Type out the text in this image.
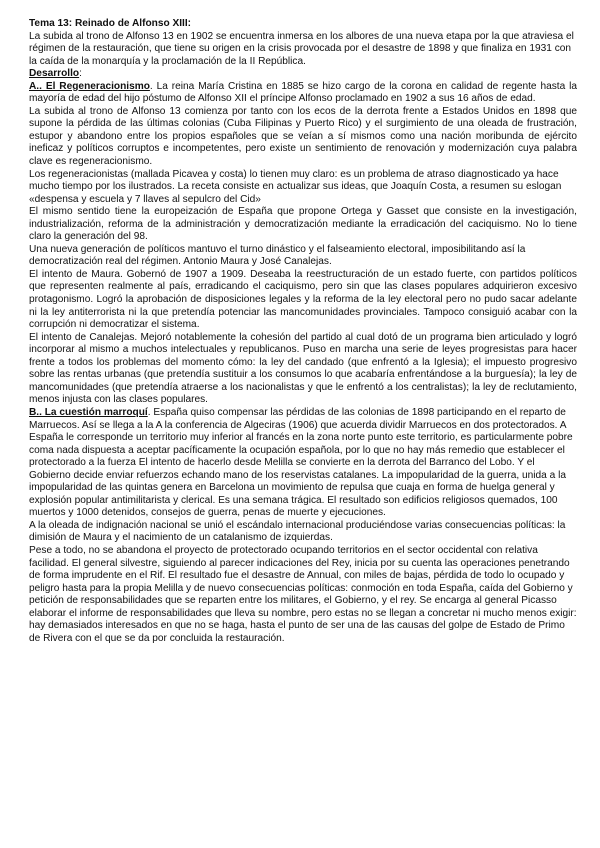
Tema 13: Reinado de Alfonso XIII:

La subida al trono de Alfonso 13 en 1902 se encuentra inmersa en los albores de una nueva etapa por la que atraviesa el régimen de la restauración, que tiene su origen en la crisis provocada por el desastre de 1898 y que finaliza en 1931 con la caída de la monarquía y la proclamación de la II República.

Desarrollo:

A.. El Regeneracionismo. La reina María Cristina en 1885 se hizo cargo de la corona en calidad de regente hasta la mayoría de edad del hijo póstumo de Alfonso XII el príncipe Alfonso proclamado en 1902 a sus 16 años de edad.

La subida al trono de Alfonso 13 comienza por tanto con los ecos de la derrota frente a Estados Unidos en 1898 que supone la pérdida de las últimas colonias (Cuba Filipinas y Puerto Rico) y el surgimiento de una oleada de frustración, estupor y abandono entre los propios españoles que se veían a sí mismos como una nación moribunda de ejército ineficaz y políticos corruptos e incompetentes, pero existe un sentimiento de renovación y modernización cuya palabra clave es regeneracionismo.

Los regeneracionistas (mallada Picavea y costa) lo tienen muy claro: es un problema de atraso diagnosticado ya hace mucho tiempo por los ilustrados. La receta consiste en actualizar sus ideas, que Joaquín Costa, a resumen su eslogan «despensa y escuela y 7 llaves al sepulcro del Cid»

El mismo sentido tiene la europeización de España que propone Ortega y Gasset que consiste en la investigación, industrialización, reforma de la administración y democratización mediante la erradicación del caciquismo. No lo tiene claro la generación del 98.

Una nueva generación de políticos mantuvo el turno dinástico y el falseamiento electoral, imposibilitando así la democratización real del régimen. Antonio Maura y José Canalejas.

El intento de Maura. Gobernó de 1907 a 1909. Deseaba la reestructuración de un estado fuerte, con partidos políticos que representen realmente al país, erradicando el caciquismo, pero sin que las clases populares adquirieron excesivo protagonismo. Logró la aprobación de disposiciones legales y la reforma de la ley electoral pero no pudo sacar adelante ni la ley antiterrorista ni la que pretendía potenciar las mancomunidades provinciales. Tampoco consiguió acabar con la corrupción ni democratizar el sistema.

El intento de Canalejas. Mejoró notablemente la cohesión del partido al cual dotó de un programa bien articulado y logró incorporar al mismo a muchos intelectuales y republicanos. Puso en marcha una serie de leyes progresistas para hacer frente a todos los problemas del momento cómo: la ley del candado (que enfrentó a la Iglesia); el impuesto progresivo sobre las rentas urbanas (que pretendía sustituir a los consumos lo que acabaría enfrentándose a la burguesía); la ley de mancomunidades (que pretendía atraerse a los nacionalistas y que le enfrentó a los centralistas); la ley de reclutamiento, menos injusta con las clases populares.

B.. La cuestión marroquí. España quiso compensar las pérdidas de las colonias de 1898 participando en el reparto de Marruecos. Así se llega a la A la conferencia de Algeciras (1906) que acuerda dividir Marruecos en dos protectorados. A España le corresponde un territorio muy inferior al francés en la zona norte punto este territorio, es particularmente pobre coma nada dispuesta a aceptar pacíficamente la ocupación española, por lo que no hay más remedio que establecer el protectorado a la fuerza El intento de hacerlo desde Melilla se convierte en la derrota del Barranco del Lobo. Y el Gobierno decide enviar refuerzos echando mano de los reservistas catalanes. La impopularidad de la guerra, unida a la impopularidad de las quintas genera en Barcelona un movimiento de repulsa que cuaja en forma de huelga general y explosión popular antimilitarista y clerical. Es una semana trágica. El resultado son edificios religiosos quemados, 100 muertos y 1000 detenidos, consejos de guerra, penas de muerte y ejecuciones.

A la oleada de indignación nacional se unió el escándalo internacional produciéndose varias consecuencias políticas: la dimisión de Maura y el nacimiento de un catalanismo de izquierdas.

Pese a todo, no se abandona el proyecto de protectorado ocupando territorios en el sector occidental con relativa facilidad. El general silvestre, siguiendo al parecer indicaciones del Rey, inicia por su cuenta las operaciones penetrando de forma imprudente en el Rif. El resultado fue el desastre de Annual, con miles de bajas, pérdida de todo lo ocupado y peligro hasta para la propia Melilla y de nuevo consecuencias políticas: conmoción en toda España, caída del Gobierno y petición de responsabilidades que se reparten entre los militares, el Gobierno, y el rey. Se encarga al general Picasso elaborar el informe de responsabilidades que lleva su nombre, pero estas no se llegan a concretar ni mucho menos exigir: hay demasiados interesados en que no se haga, hasta el punto de ser una de las causas del golpe de Estado de Primo de Rivera con el que se da por concluida la restauración.
